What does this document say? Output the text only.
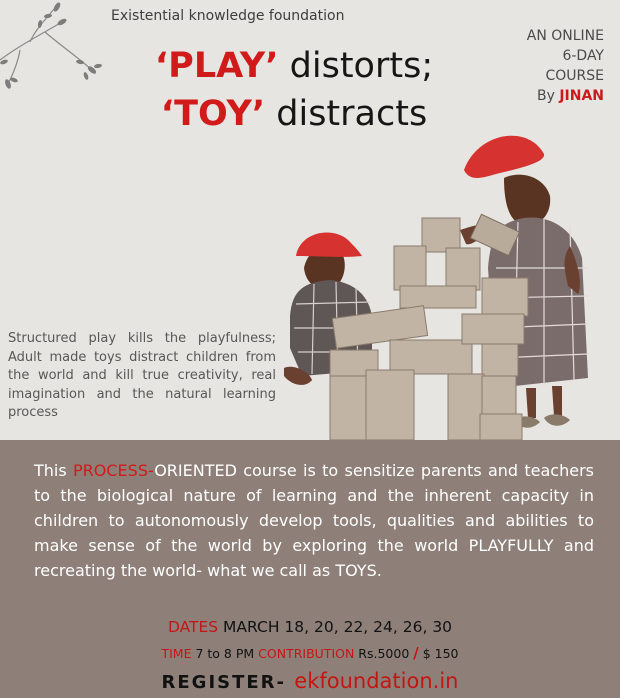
Existential knowledge foundation
‘PLAY’ distorts;
‘TOY’ distracts
AN ONLINE
6-DAY
COURSE
By JINAN
Structured play kills the playfulness; Adult made toys distract children from the world and kill true creativity, real imagination and the natural learning process
This PROCESS-ORIENTED course is to sensitize parents and teachers to the biological nature of learning and the inherent capacity in children to autonomously develop tools, qualities and abilities to make sense of the world by exploring the world PLAYFULLY and recreating the world- what we call as TOYS.
DATES MARCH 18, 20, 22, 24, 26, 30
TIME 7 to 8 PM CONTRIBUTION Rs.5000 / $ 150
REGISTER- ekfoundation.in
